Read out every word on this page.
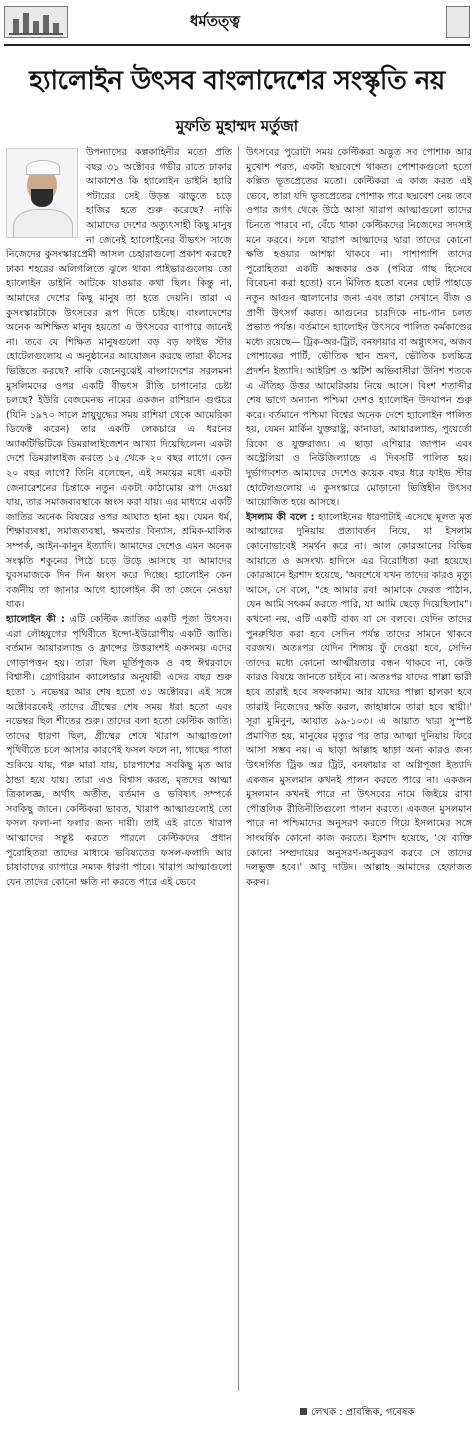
ধর্মতত্ত্ব
হ্যালোইন উৎসব বাংলাদেশের সংস্কৃতি নয়
মুফতি মুহাম্মদ মর্তুজা

উপন্যাসের কল্পকাহিনীর মতো প্রতি বছর ৩১ অক্টোবর গভীর রাতে ঢাকার আকাশেও কি হ্যালোইন ডাইনি হ্যারি পটারের সেই উড়ন্ত ঝাড়ুতে চড়ে হাজির হতে শুরু করেছে? নাকি আমাদের দেশের অত্যুৎসাহী কিছু মানুষ না জেনেই হ্যালোইনের বীভৎস সাজে নিজেদের কুসংস্কারপ্রেমী আসল চেহারাগুলো প্রকাশ করছে? ঢাকা শহরের অলিগলিতে ঝুলে থাকা পাইভারগুলোয় তো হ্যালোইন ডাইনি আটকে যাওয়ার কথা ছিল। কিন্তু না, আমাদের দেশের কিছু মানুষ তা হতে দেয়নি। তারা এ কুসংস্কারটাকে উৎসবের রূপ দিতে চাইছে। বাংলাদেশের অনেক অশিক্ষিত মানুষ হয়তো এ উৎসবের ব্যাপারে জানেই না। তবে যে শিক্ষিত মানুষগুলো বড় বড় ফাইভ স্টার হোটেলগুলোয় এ অনুষ্ঠানের আয়োজন করছে তারা কীসের ভিত্তিতে করছে? নাকি জেনেবুঝেই বাংলাদেশের সরলমনা মুসলিমদের ওপর একটি বীভৎস রীতি চাপানোর চেষ্টা চলছে? ইউরি বেজমেনভ নামের একজন রাশিয়ান গুপ্তচর (যিনি ১৯৭০ সালে স্নায়ুযুদ্ধের সময় রাশিয়া থেকে আমেরিকা ডিফেক্ট করেন) তার একটি লেকচারে এ ধরনের অ্যাকটিভিটিকে ডিমরালাইজেশন আখ্যা দিয়েছিলেন। একটা দেশে ডিমরালাইজ করতে ১৫ থেকে ২০ বছর লাগে। কেন ২০ বছর লাগে? তিনি বলেছেন, এই সময়ের মধ্যে একটা জেনারেশনের চিন্তাকে নতুন একটা কাঠামোয় রূপ দেওয়া যায়, তার সমাজব্যবস্থাকে ধ্বংস করা যায়। এর মাধ্যমে একটি জাতির অনেক বিষয়ের ওপর আঘাত হানা হয়। যেমন ধর্ম, শিক্ষাব্যবস্থা, সমাজব্যবস্থা, ক্ষমতার বিন্যাস, শ্রমিক-মালিক সম্পর্ক, আইন-কানুন ইত্যাদি। আমাদের দেশেও এমন অনেক সংস্কৃতি শকুনের পিঠে চড়ে উড়ে আসছে যা আমাদের যুবসমাজকে দিন দিন ধ্বংস করে দিচ্ছে। হ্যালোইন কেন বর্জনীয় তা জানার আগে হ্যালোইন কী তা জেনে নেওয়া যাক।

হ্যালোইন কী : এটি কেল্টিক জাতির একটি পূজা উৎসব। এরা লৌহযুগের পৃথিবীতে ইন্দো-ইউরোপীয় একটি জাতি। বর্তমান আয়ারল্যান্ড ও ফ্রান্সের উত্তরাংশই একসময় এদের গোড়াপত্তন হয়। তারা ছিল মূর্তিপূজক ও বহু ঈশ্বরবাদে বিশ্বাসী। গ্রেগরিয়ান ক্যালেন্ডার অনুযায়ী এদের বছর শুরু হতো ১ নভেম্বর আর শেষ হতো ৩১ অক্টোবর। এই সঙ্গে অক্টোবরকেই তাদের গ্রীষ্মের শেষ সময় ধরা হতো এবং নভেম্বর ছিল শীতের শুরু। তাদের বলা হতো কেল্টিক জাতি। তাদের ধারণা ছিল, গ্রীষ্মের শেষে খারাপ আত্মাগুলো পৃথিবীতে চলে আসার কারণেই ফসল ফলে না, গাছের পাতা শুকিয়ে যায়, গরু মারা যায়, চারপাশের সবকিছু মৃত আর ঠান্ডা হয়ে যায়। তারা এও বিশ্বাস করত, মৃতদের আত্মা ত্রিকালজ্ঞ, অর্থাৎ অতীত, বর্তমান ও ভবিষ্যৎ সম্পর্কে সবকিছু জানে। কেল্টিকরা ভাবত, খারাপ আত্মাগুলোই তো ফসল ফলা-না ফলার জন্য দায়ী। তাই এই রাতে খারাপ আত্মাদের সন্তুষ্ট করতে পারলে কেল্টিকদের প্রধান পুরোহিতরা তাদের মাধ্যমে ভবিষ্যতের ফসল-ফলাদি আর চাষাবাদের ব্যাপারে সম্যক ধারণা পাবে। খারাপ আত্মাগুলো যেন তাদের কোনো ক্ষতি না করতে পারে এই ভেবে

উৎসবের পুরোটা সময় কেল্টিকরা অদ্ভুত সব পোশাক আর মুখোশ পরত, একটা ছদ্মবেশে থাকত। পোশাকগুলো হতো কল্পিত ভূতপ্রেতের মতো। কেল্টিকরা এ কাজ করত এই ভেবে, তারা যদি ভূতপ্রেতের পোশাক পরে ছদ্মবেশ নেয় তবে ওপার জগৎ থেকে উঠে আসা খারাপ আত্মাগুলো তাদের চিনতে পারবে না, বেঁচে থাকা কেল্টিকদের নিজেদের সদস্যই মনে করবে। ফলে খারাপ আত্মাদের দ্বারা তাদের কোনো ক্ষতি হওয়ার আশঙ্কা থাকবে না। পাশাপাশি তাদের পুরোহিতরা একটি অন্ধকার ওক (পবিত্র গাছ হিসেবে বিবেচনা করা হতো) বনে মিলিত হতো বনের ছোট পাহাড়ে নতুন আগুন জ্বালানোর জন্য এবং তারা সেখানে বীজ ও প্রাণী উৎসর্গ করত। আগুনের চারদিকে নাচ-গান চলত প্রভাত পর্যন্ত। বর্তমানে হ্যালোইন উৎসবে পালিত কর্মকাণ্ডের মধ্যে রয়েছে— ট্রিক-অর-ট্রিট, বনফায়ার বা অগ্ন্যুৎসব, অজব পোশাকের পার্টি, ভৌতিক স্থান ভ্রমণ, ভৌতিক চলচ্চিত্র প্রদর্শন ইত্যাদি। আইরিশ ও স্কটিশ অভিবাসীরা উনিশ শতকে এ ঐতিহ্য উত্তর আমেরিকায় নিয়ে আসে। বিংশ শতাব্দীর শেষ ভাগে অন্যান্য পশ্চিমা দেশও হ্যালোইন উদযাপন শুরু করে। বর্তমানে পশ্চিমা বিশ্বের অনেক দেশে হ্যালোইন পালিত হয়, যেমন মার্কিন যুক্তরাষ্ট্র, কানাডা, আয়ারল্যান্ড, পুয়ের্তো রিকো ও যুক্তরাজ্য। এ ছাড়া এশিয়ার জাপান এবং অস্ট্রেলিয়া ও নিউজিল্যান্ডে এ দিবসটি পালিত হয়। দুর্ভাগ্যবশত আমাদের দেশেও কয়েক বছর ধরে ফাইভ স্টার হোটেলগুলোয় এ কুসংস্কারে মোড়ানো ভিত্তিহীন উৎসব আয়োজিত হয়ে আসছে।

ইসলাম কী বলে : হ্যালোইনের ধারণাটাই এসেছে মূলত মৃত আত্মাদের দুনিয়ায় প্রত্যাবর্তন নিয়ে, যা ইসলাম কোনোভাবেই সমর্থন করে না। আল কোরআনের বিভিন্ন আয়াতে ও অসংখ্য হাদিসে এর বিরোধিতা করা হয়েছে। কোরআনে ইরশাদ হয়েছে, 'অবশেষে যখন তাদের কারও মৃত্যু আসে, সে বলে, "হে আমার রব! আমাকে ফেরত পাঠান, যেন আমি সৎকর্ম করতে পারি, যা আমি ছেড়ে দিয়েছিলাম"। কখনো নয়, এটি একটি বাক্য যা সে বলবে। যেদিন তাদের পুনরুত্থিত করা হবে সেদিন পর্যন্ত তাদের সামনে থাকবে বরজখ। অতঃপর যেদিন শিঙ্গায় ফুঁ দেওয়া হবে, সেদিন তাদের মধ্যে কোনো আত্মীয়তার বন্ধন থাকবে না, কেউ কারও বিষয়ে জানতে চাইবে না। অতঃপর যাদের পাল্লা ভারী হবে তারাই হবে সফলকাম। আর যাদের পাল্লা হালকা হবে তারাই নিজেদের ক্ষতি করল, জাহান্নামে তারা হবে স্থায়ী।' সূরা মুমিনুন, আয়াত ৯৯-১০৩। এ আয়াত দ্বারা সুস্পষ্ট প্রমাণিত হয়, মানুষের মৃত্যুর পর তার আত্মা দুনিয়ায় ফিরে আসা সম্ভব নয়। এ ছাড়া আল্লাহ ছাড়া অন্য কারও জন্য উৎসর্গিত ট্রিক অর ট্রিট, বনফায়ার বা অগ্নিপূজা ইত্যাদি একজন মুসলমান কখনই পালন করতে পারে না। একজন মুসলমান কখনই পারে না উৎসবের নামে জিইয়ে রাখা পৌত্তলিক রীতিনীতিগুলো পালন করতে। একজন মুসলমান পারে না পশ্চিমাদের অনুসরণ করতে গিয়ে ইসলামের সঙ্গে সাংঘর্ষিক কোনো কাজ করতে। ইরশাদ হয়েছে, 'যে ব্যক্তি কোনো সম্প্রদায়ের অনুসরণ-অনুকরণ করবে সে তাদের দলভুক্ত হবে।' আবু দাউদ। আল্লাহ আমাদের হেফাজত করুন।

লেখক : প্রাবন্ধিক, গবেষক
